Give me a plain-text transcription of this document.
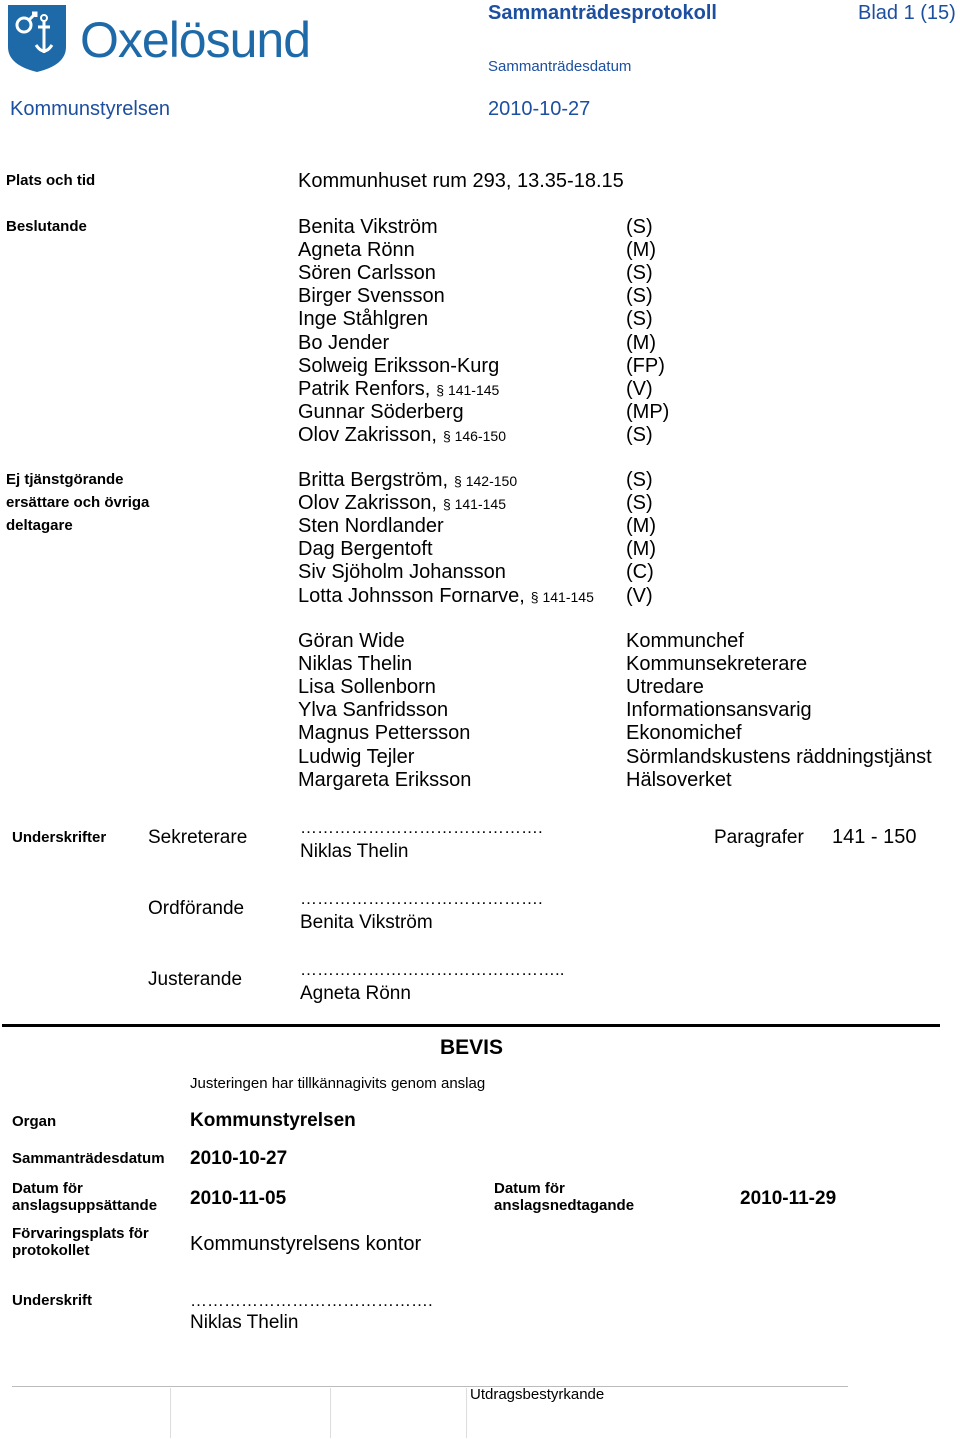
Oxelösund	Sammanträdesprotokoll	Blad 1 (15)
Sammanträdesdatum
Kommunstyrelsen	2010-10-27
Plats och tid	Kommunhuset rum 293, 13.35-18.15
Beslutande	Benita Vikström	(S)
Agneta Rönn	(M)
Sören Carlsson	(S)
Birger Svensson	(S)
Inge Ståhlgren	(S)
Bo Jender	(M)
Solweig Eriksson-Kurg	(FP)
Patrik Renfors, § 141-145	(V)
Gunnar Söderberg	(MP)
Olov Zakrisson, § 146-150	(S)
Ej tjänstgörande
ersättare och övriga
deltagare
Britta Bergström, § 142-150	(S)
Olov Zakrisson, § 141-145	(S)
Sten Nordlander	(M)
Dag Bergentoft	(M)
Siv Sjöholm Johansson	(C)
Lotta Johnsson Fornarve, § 141-145 (V)
Göran Wide	Kommunchef
Niklas Thelin	Kommunsekreterare
Lisa Sollenborn	Utredare
Ylva Sanfridsson	Informationsansvarig
Magnus Pettersson	Ekonomichef
Ludwig Tejler	Sörmlandskustens räddningstjänst
Margareta Eriksson	Hälsoverket
Underskrifter Sekreterare	…………………………………….
Niklas Thelin
Paragrafer 141 - 150
Ordförande	…………………………………….
Benita Vikström
Justerande	………………………………………..
Agneta Rönn
BEVIS
Justeringen har tillkännagivits genom anslag
Organ	Kommunstyrelsen
Sammanträdesdatum 2010-10-27
Datum för
anslagsuppsättande 2010-11-05	Datum för
anslagsnedtagande	2010-11-29
Förvaringsplats för
protokollet	Kommunstyrelsens kontor
Underskrift	…………………………………….
Niklas Thelin
Utdragsbestyrkande
